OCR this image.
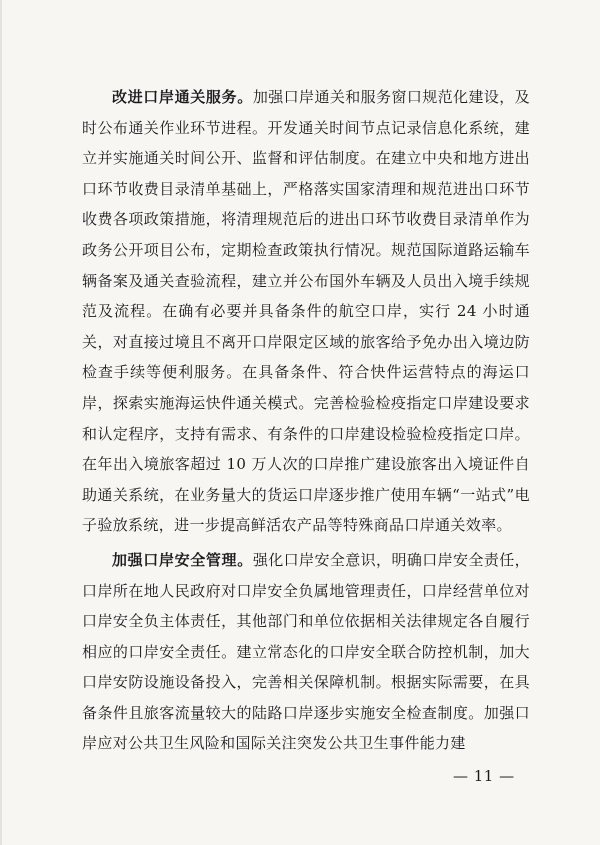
改进口岸通关服务。加强口岸通关和服务窗口规范化建设，及时公布通关作业环节进程。开发通关时间节点记录信息化系统，建立并实施通关时间公开、监督和评估制度。在建立中央和地方进出口环节收费目录清单基础上，严格落实国家清理和规范进出口环节收费各项政策措施，将清理规范后的进出口环节收费目录清单作为政务公开项目公布，定期检查政策执行情况。规范国际道路运输车辆备案及通关查验流程，建立并公布国外车辆及人员出入境手续规范及流程。在确有必要并具备条件的航空口岸，实行 24 小时通关，对直接过境且不离开口岸限定区域的旅客给予免办出入境边防检查手续等便利服务。在具备条件、符合快件运营特点的海运口岸，探索实施海运快件通关模式。完善检验检疫指定口岸建设要求和认定程序，支持有需求、有条件的口岸建设检验检疫指定口岸。在年出入境旅客超过 10 万人次的口岸推广建设旅客出入境证件自助通关系统，在业务量大的货运口岸逐步推广使用车辆“一站式”电子验放系统，进一步提高鲜活农产品等特殊商品口岸通关效率。

加强口岸安全管理。强化口岸安全意识，明确口岸安全责任，口岸所在地人民政府对口岸安全负属地管理责任，口岸经营单位对口岸安全负主体责任，其他部门和单位依据相关法律规定各自履行相应的口岸安全责任。建立常态化的口岸安全联合防控机制，加大口岸安防设施设备投入，完善相关保障机制。根据实际需要，在具备条件且旅客流量较大的陆路口岸逐步实施安全检查制度。加强口岸应对公共卫生风险和国际关注突发公共卫生事件能力建

— 11 —
